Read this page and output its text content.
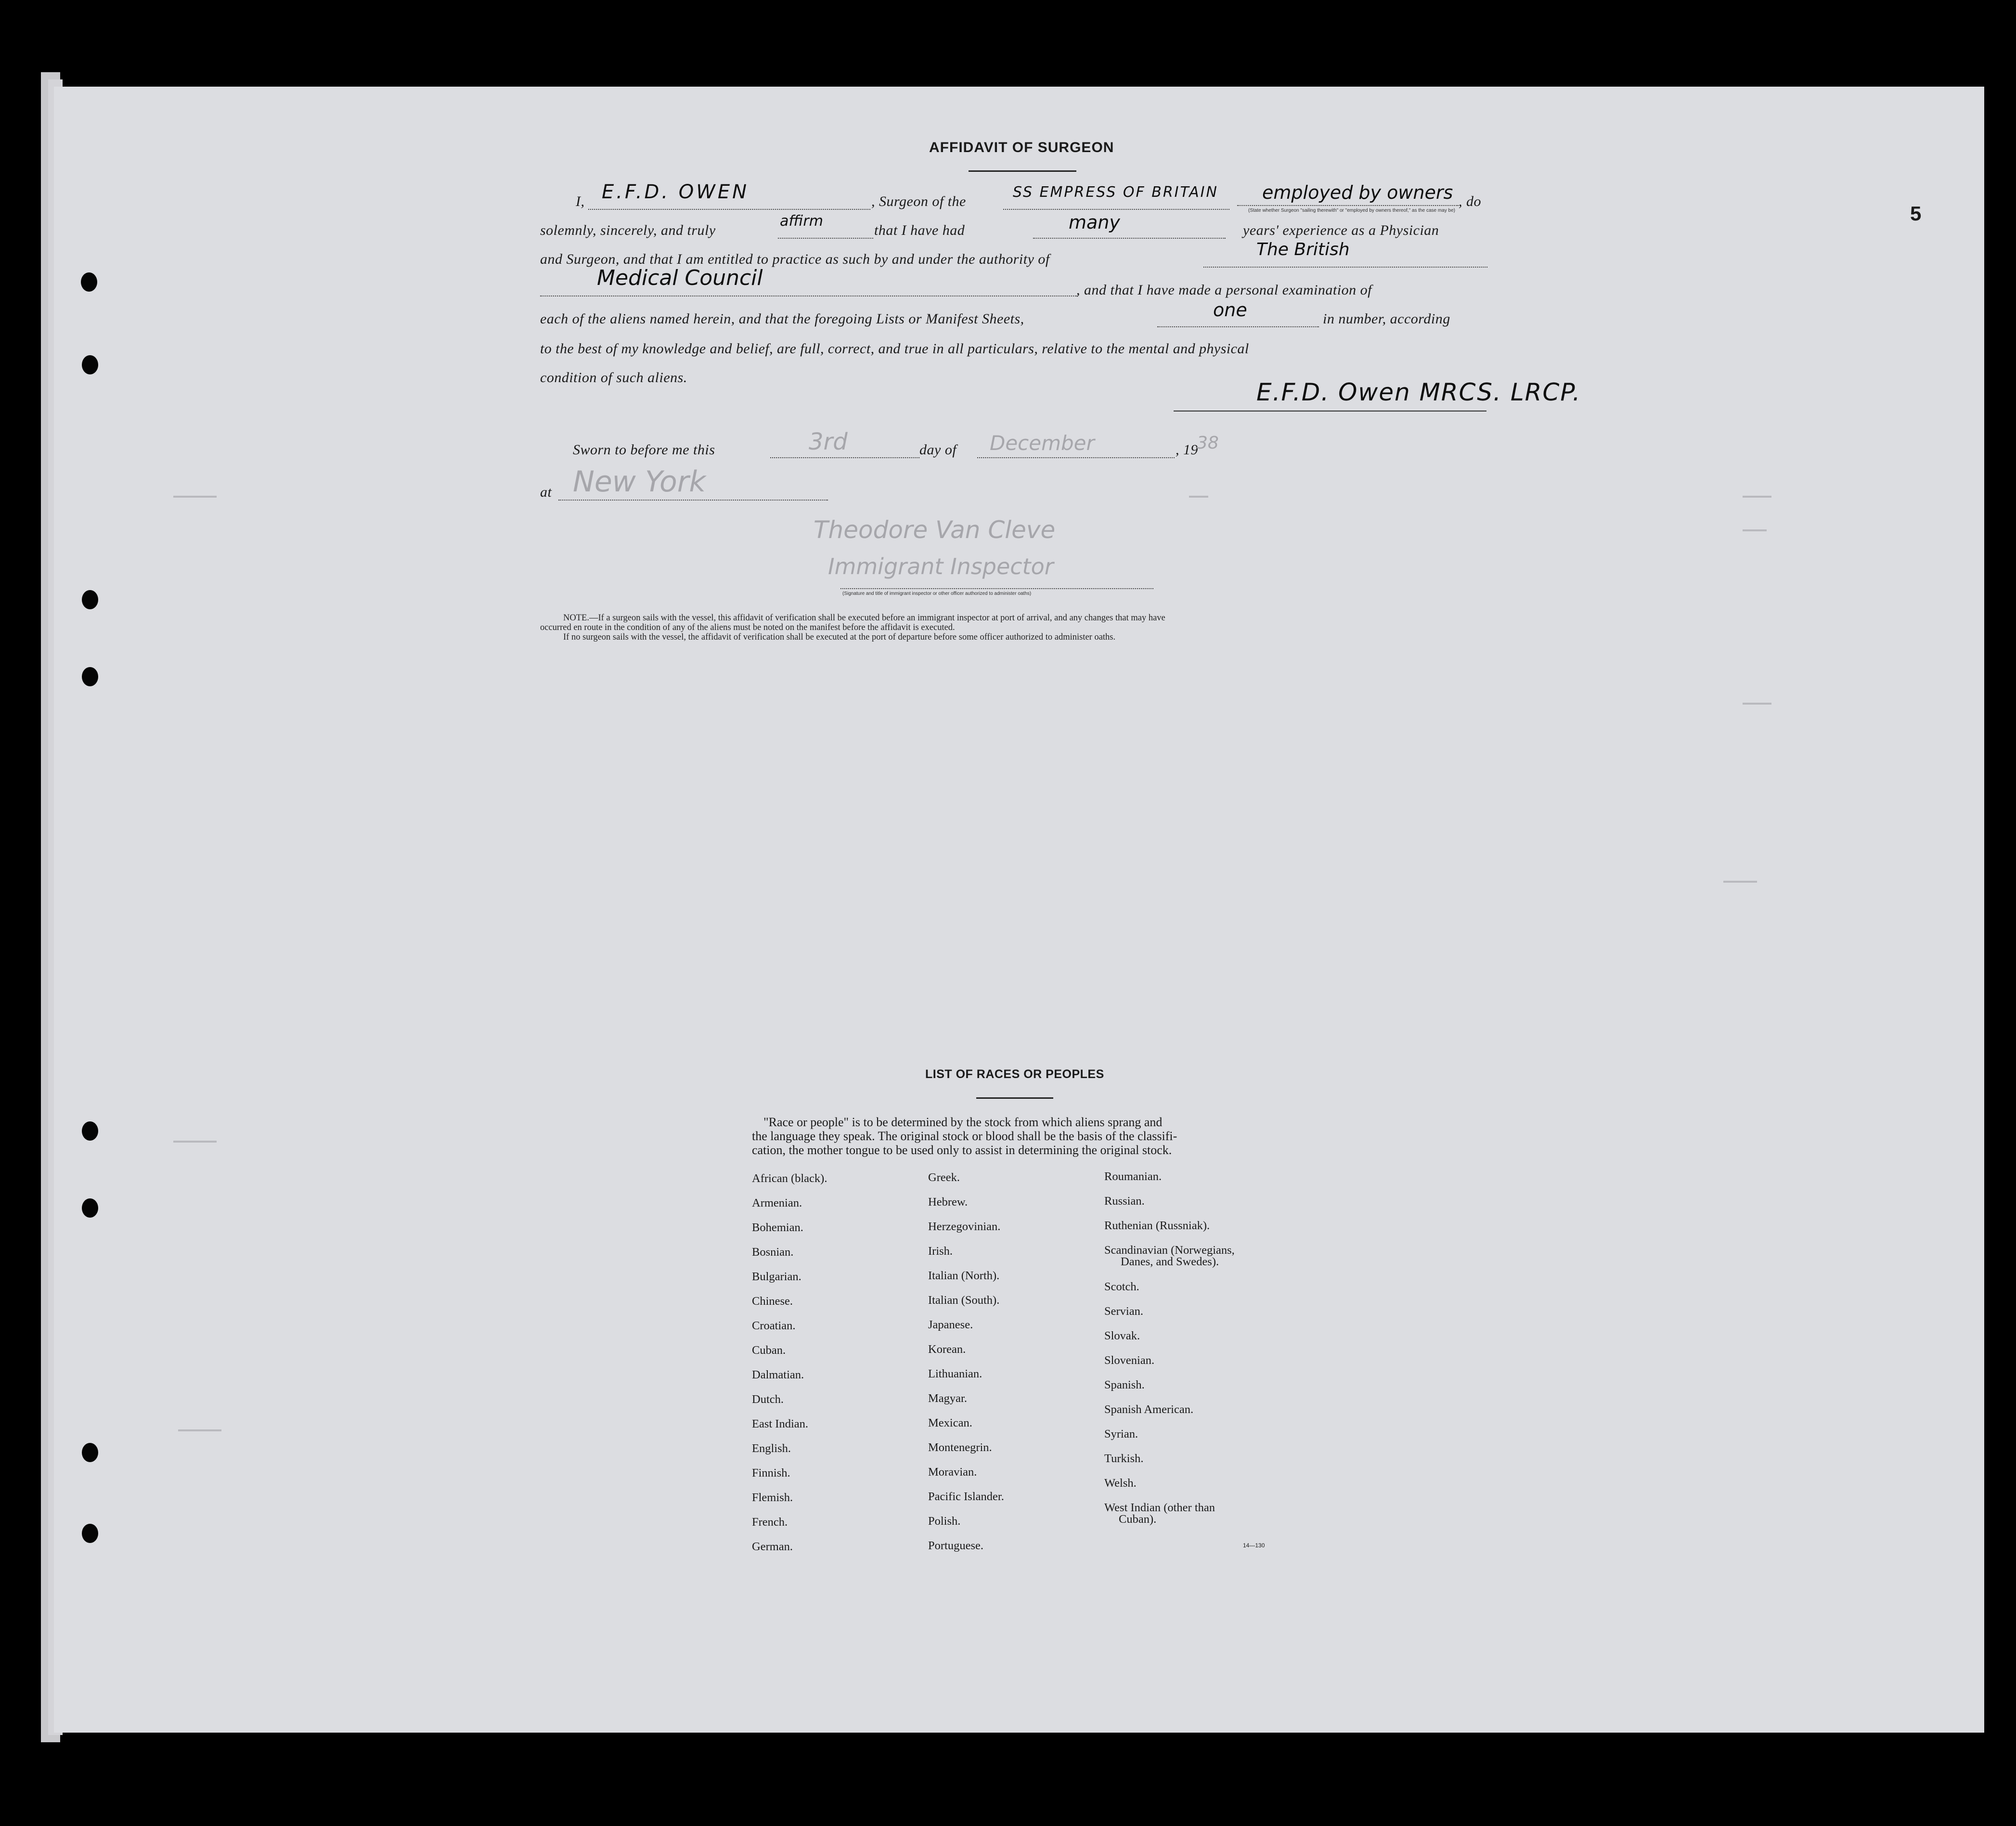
5
AFFIDAVIT OF SURGEON
I, E.F.D. OWEN	, Surgeon of the
SS EMPRESS OF BRITAIN employed by owners , do
(State whether Surgeon "sailing therewith" or "employed by owners thereof," as the case may be)
solemnly, sincerely, and truly
affirm
that I have had	many	years' experience as a Physician
and Surgeon, and that I am entitled to practice as such by and under the authority of	The British
Medical Council	, and that I have made a personal examination of
each of the aliens named herein, and that the foregoing Lists or Manifest Sheets,	one	in number, according
to the best of my knowledge and belief, are full, correct, and true in all particulars, relative to the mental and physical
condition of such aliens.
E.F.D. Owen MRCS. LRCP.
Sworn to before me this	3rd	day of December	, 19
38
at New York
Theodore Van Cleve
Immigrant Inspector
(Signature and title of immigrant inspector or other officer authorized to administer oaths)
NOTE.—If a surgeon sails with the vessel, this affidavit of verification shall be executed before an immigrant inspector at port of arrival, and any changes that may have
occurred en route in the condition of any of the aliens must be noted on the manifest before the affidavit is executed.
If no surgeon sails with the vessel, the affidavit of verification shall be executed at the port of departure before some officer authorized to administer oaths.
LIST OF RACES OR PEOPLES
"Race or people" is to be determined by the stock from which aliens sprang and
the language they speak. The original stock or blood shall be the basis of the classifi-
cation, the mother tongue to be used only to assist in determining the original stock.
African (black).
Armenian.
Bohemian.
Bosnian.
Bulgarian.
Chinese.
Croatian.
Cuban.
Dalmatian.
Dutch.
East Indian.
English.
Finnish.
Flemish.
French.
German.
Greek.
Hebrew.
Herzegovinian.
Irish.
Italian (North).
Italian (South).
Japanese.
Korean.
Lithuanian.
Magyar.
Mexican.
Montenegrin.
Moravian.
Pacific Islander.
Polish.
Portuguese.
Roumanian.
Russian.
Ruthenian (Russniak).
Scandinavian (Norwegians,
Danes, and Swedes).
Scotch.
Servian.
Slovak.
Slovenian.
Spanish.
Spanish American.
Syrian.
Turkish.
Welsh.
West Indian (other than
Cuban).
14—130
